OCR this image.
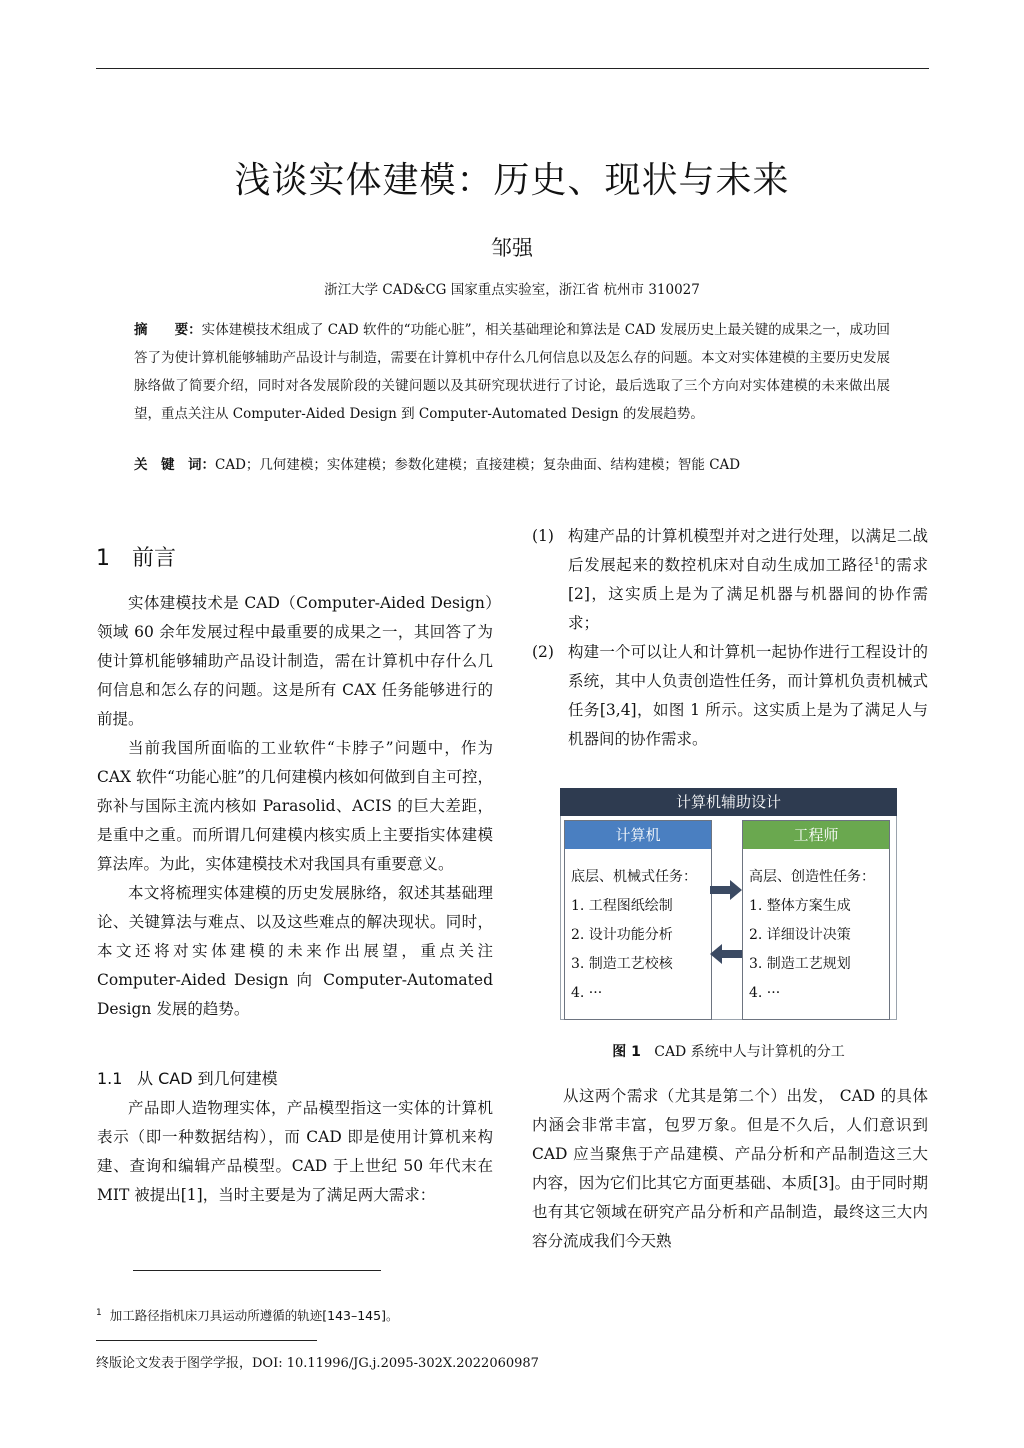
浅谈实体建模：历史、现状与未来
邹强
浙江大学 CAD&CG 国家重点实验室，浙江省 杭州市 310027
摘　　要：实体建模技术组成了 CAD 软件的“功能心脏”，相关基础理论和算法是 CAD 发展历史上最关键的成果之一，成功回答了为使计算机能够辅助产品设计与制造，需要在计算机中存什么几何信息以及怎么存的问题。本文对实体建模的主要历史发展脉络做了简要介绍，同时对各发展阶段的关键问题以及其研究现状进行了讨论，最后选取了三个方向对实体建模的未来做出展望，重点关注从 Computer-Aided Design 到 Computer-Automated Design 的发展趋势。
关　键　词：CAD；几何建模；实体建模；参数化建模；直接建模；复杂曲面、结构建模；智能 CAD
1 前言

实体建模技术是 CAD（Computer-Aided Design）领域 60 余年发展过程中最重要的成果之一，其回答了为使计算机能够辅助产品设计制造，需在计算机中存什么几何信息和怎么存的问题。这是所有 CAX 任务能够进行的前提。

当前我国所面临的工业软件“卡脖子”问题中，作为 CAX 软件“功能心脏”的几何建模内核如何做到自主可控，弥补与国际主流内核如 Parasolid、ACIS 的巨大差距，是重中之重。而所谓几何建模内核实质上主要指实体建模算法库。为此，实体建模技术对我国具有重要意义。

本文将梳理实体建模的历史发展脉络，叙述其基础理论、关键算法与难点、以及这些难点的解决现状。同时，本文还将对实体建模的未来作出展望，重点关注 Computer-Aided Design 向 Computer-Automated Design 发展的趋势。

1.1 从 CAD 到几何建模

产品即人造物理实体，产品模型指这一实体的计算机表示（即一种数据结构），而 CAD 即是使用计算机来构建、查询和编辑产品模型。CAD 于上世纪 50 年代末在 MIT 被提出[1]，当时主要是为了满足两大需求：

(1) 构建产品的计算机模型并对之进行处理，以满足二战后发展起来的数控机床对自动生成加工路径$^1$的需求[2]，这实质上是为了满足机器与机器间的协作需求；
(2) 构建一个可以让人和计算机一起协作进行工程设计的系统，其中人负责创造性任务，而计算机负责机械式任务[3,4]，如图 1 所示。这实质上是为了满足人与机器间的协作需求。
计算机辅助设计
计算机
底层、机械式任务：
1. 工程图纸绘制
2. 设计功能分析
3. 制造工艺校核
4. ···
工程师
高层、创造性任务：
1. 整体方案生成
2. 详细设计决策
3. 制造工艺规划
4. ···
图 1 CAD 系统中人与计算机的分工

从这两个需求（尤其是第二个）出发， CAD 的具体内涵会非常丰富，包罗万象。但是不久后，人们意识到 CAD 应当聚焦于产品建模、产品分析和产品制造这三大内容，因为它们比其它方面更基础、本质[3]。由于同时期也有其它领域在研究产品分析和产品制造，最终这三大内容分流成我们今天熟

$^1$ 加工路径指机床刀具运动所遵循的轨迹[143–145]。
终版论文发表于图学学报，DOI: 10.11996/JG.j.2095-302X.2022060987
